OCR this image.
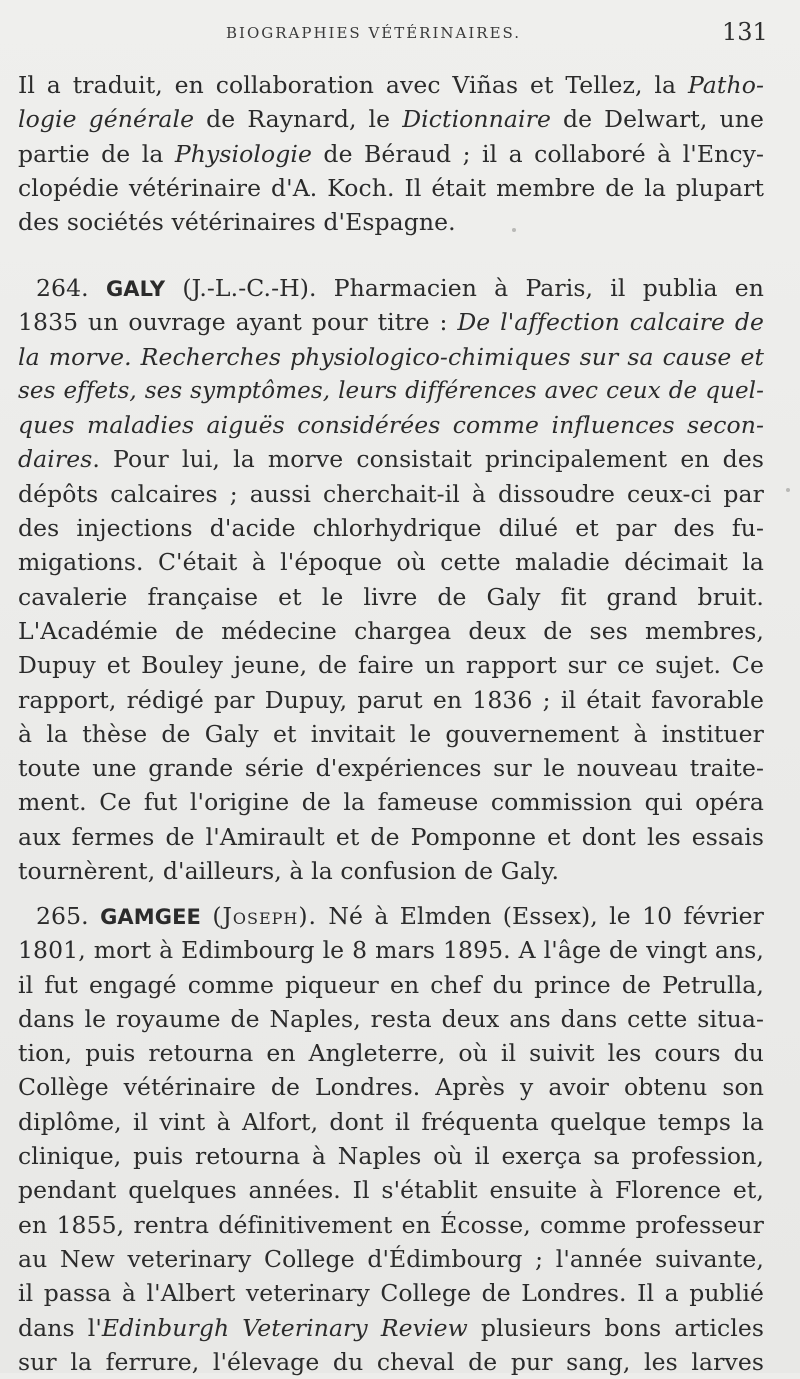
BIOGRAPHIES VÉTÉRINAIRES.	131
Il a traduit, en collaboration avec Viñas et Tellez, la Patho-
logie générale de Raynard, le Dictionnaire de Delwart, une
partie de la Physiologie de Béraud ; il a collaboré à l'Ency-
clopédie vétérinaire d'A. Koch. Il était membre de la plupart
des sociétés vétérinaires d'Espagne.
264. GALY (J.-L.-C.-H). Pharmacien à Paris, il publia en
1835 un ouvrage ayant pour titre : De l'affection calcaire de
la morve. Recherches physiologico-chimiques sur sa cause et
ses effets, ses symptômes, leurs différences avec ceux de quel-
ques maladies aiguës considérées comme influences secon-
daires. Pour lui, la morve consistait principalement en des
dépôts calcaires ; aussi cherchait-il à dissoudre ceux-ci par
des injections d'acide chlorhydrique dilué et par des fu-
migations. C'était à l'époque où cette maladie décimait la
cavalerie française et le livre de Galy fit grand bruit.
L'Académie de médecine chargea deux de ses membres,
Dupuy et Bouley jeune, de faire un rapport sur ce sujet. Ce
rapport, rédigé par Dupuy, parut en 1836 ; il était favorable
à la thèse de Galy et invitait le gouvernement à instituer
toute une grande série d'expériences sur le nouveau traite-
ment. Ce fut l'origine de la fameuse commission qui opéra
aux fermes de l'Amirault et de Pomponne et dont les essais
tournèrent, d'ailleurs, à la confusion de Galy.
265. GAMGEE (Joseph). Né à Elmden (Essex), le 10 février
1801, mort à Edimbourg le 8 mars 1895. A l'âge de vingt ans,
il fut engagé comme piqueur en chef du prince de Petrulla,
dans le royaume de Naples, resta deux ans dans cette situa-
tion, puis retourna en Angleterre, où il suivit les cours du
Collège vétérinaire de Londres. Après y avoir obtenu son
diplôme, il vint à Alfort, dont il fréquenta quelque temps la
clinique, puis retourna à Naples où il exerça sa profession,
pendant quelques années. Il s'établit ensuite à Florence et,
en 1855, rentra définitivement en Écosse, comme professeur
au New veterinary College d'Édimbourg ; l'année suivante,
il passa à l'Albert veterinary College de Londres. Il a publié
dans l'Edinburgh Veterinary Review plusieurs bons articles
sur la ferrure, l'élevage du cheval de pur sang, les larves
